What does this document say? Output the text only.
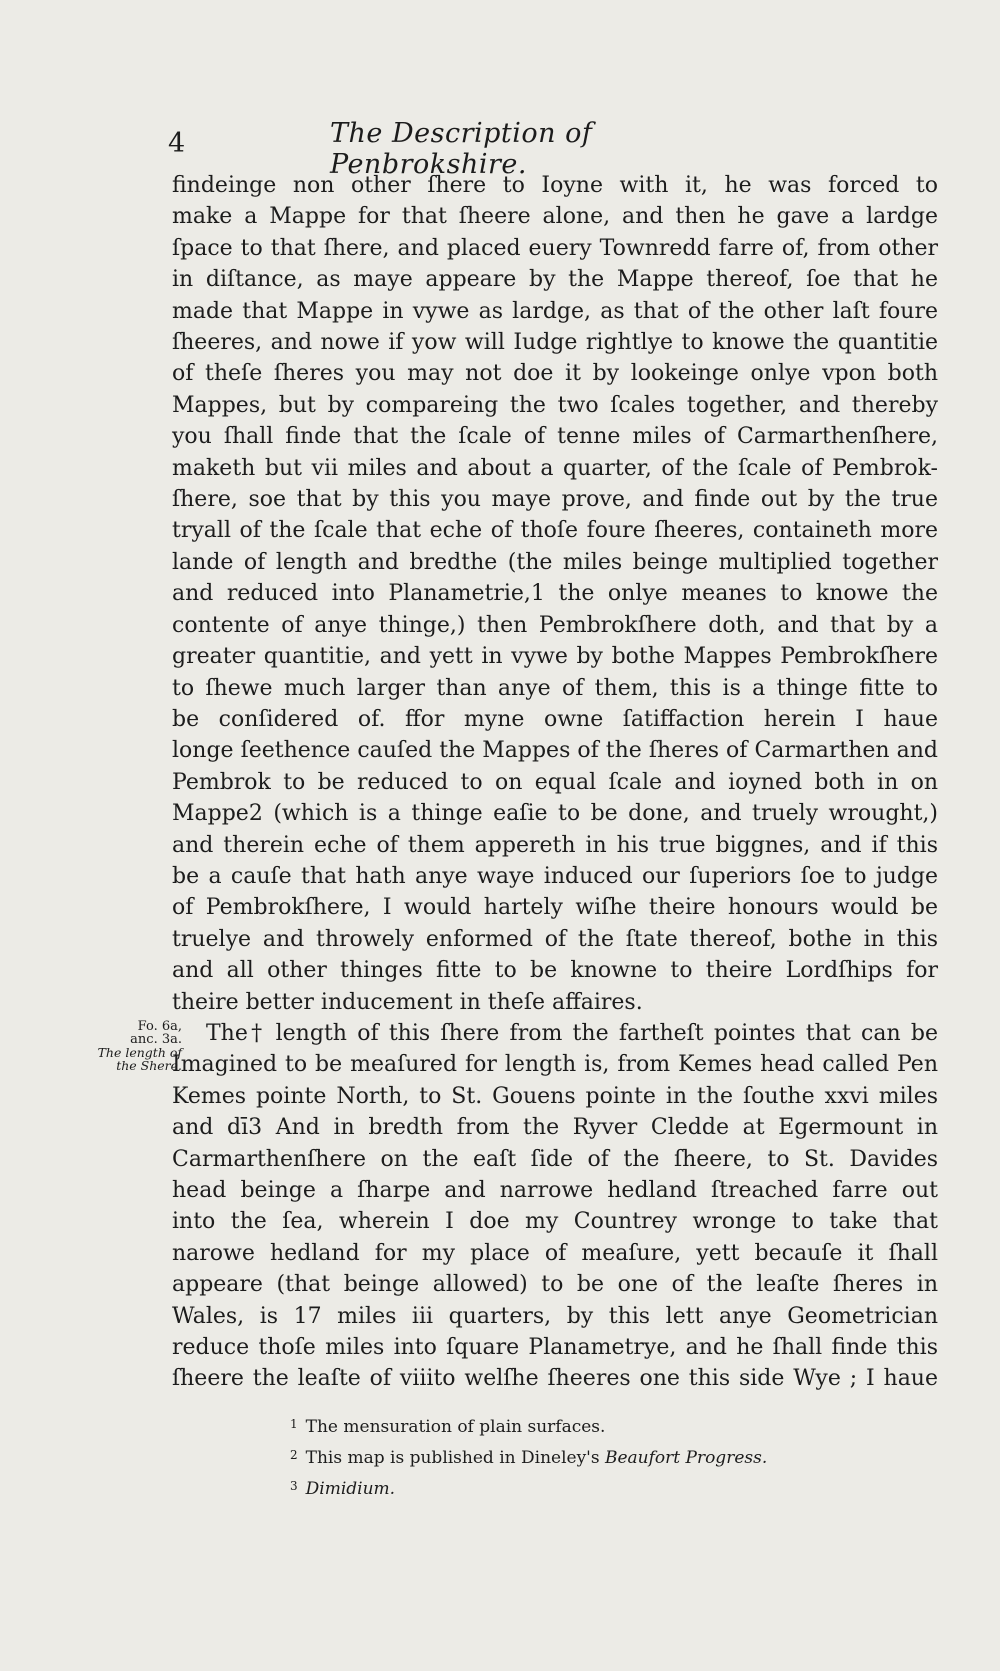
4	The Description of Penbrokshire.
findeinge non other ſhere to Ioyne with it, he was forced to
make a Mappe for that ſheere alone, and then he gave a lardge
ſpace to that ſhere, and placed euery Townredd farre of, from other
in diſtance, as maye appeare by the Mappe thereof, ſoe that he
made that Mappe in vywe as lardge, as that of the other laſt foure
ſheeres, and nowe if yow will Iudge rightlye to knowe the quantitie
of theſe ſheres you may not doe it by lookeinge onlye vpon both
Mappes, but by compareing the two ſcales together, and thereby
you ſhall finde that the ſcale of tenne miles of Carmarthenſhere,
maketh but vii miles and about a quarter, of the ſcale of Pembrok-
ſhere, soe that by this you maye prove, and finde out by the true
tryall of the ſcale that eche of thoſe foure ſheeres, containeth more
lande of length and bredthe (the miles beinge multiplied together
and reduced into Planametrie,1 the onlye meanes to knowe the
contente of anye thinge,) then Pembrokſhere doth, and that by a
greater quantitie, and yett in vywe by bothe Mappes Pembrokſhere
to ſhewe much larger than anye of them, this is a thinge fitte to
be conſidered of. ffor myne owne ſatiffaction herein I haue
longe ſeethence cauſed the Mappes of the ſheres of Carmarthen and
Pembrok to be reduced to on equal ſcale and ioyned both in on
Mappe2 (which is a thinge eaſie to be done, and truely wrought,)
and therein eche of them appereth in his true biggnes, and if this
be a cauſe that hath anye waye induced our ſuperiors ſoe to judge
of Pembrokſhere, I would hartely wiſhe theire honours would be
truelye and throwely enformed of the ſtate thereof, bothe in this
and all other thinges fitte to be knowne to theire Lordſhips for
theire better inducement in theſe affaires.
The† length of this ſhere from the fartheſt pointes that can be
Imagined to be meaſured for length is, from Kemes head called Pen
Kemes pointe North, to St. Gouens pointe in the ſouthe xxvi miles
and dī3 And in bredth from the Ryver Cledde at Egermount in
Carmarthenſhere on the eaſt ſide of the ſheere, to St. Davides
head beinge a ſharpe and narrowe hedland ſtreached farre out
into the ſea, wherein I doe my Countrey wronge to take that
narowe hedland for my place of meaſure, yett becauſe it ſhall
appeare (that beinge allowed) to be one of the leaſte ſheres in
Wales, is 17 miles iii quarters, by this lett anye Geometrician
reduce thoſe miles into ſquare Planametrye, and he ſhall finde this
ſheere the leaſte of viiito welſhe ſheeres one this side Wye ; I haue
Fo. 6a,
anc. 3a.
The length of
the Shere.
$^1$ The mensuration of plain surfaces.
$^2$ This map is published in Dineley's Beaufort Progress.
$^3$ Dimidium.
